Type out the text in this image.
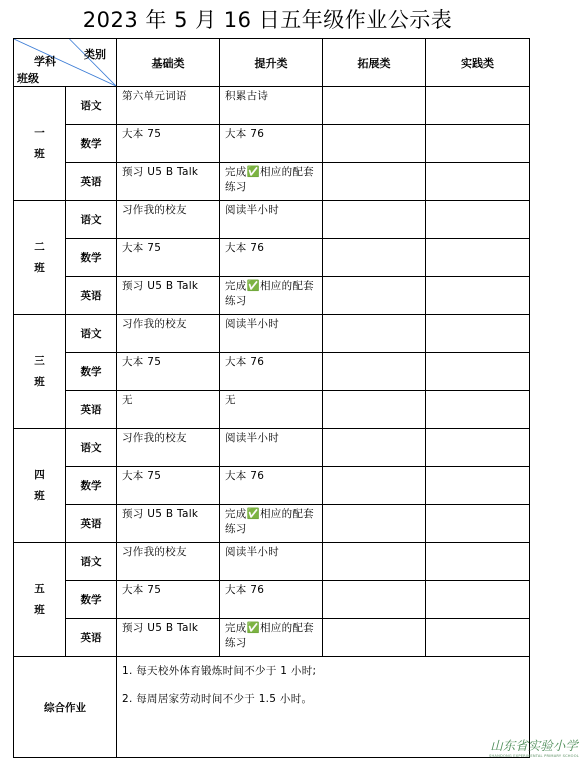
2023 年 5 月 16 日五年级作业公示表
类别
学科
班级		基础类	提升类	拓展类	实践类
一
班	语文	第六单元词语	积累古诗		
	数学	大本 75	大本 76		
	英语	预习 U5 B Talk	完成✅相应的配套练习		
二
班	语文	习作我的校友	阅读半小时		
	数学	大本 75	大本 76		
	英语	预习 U5 B Talk	完成✅相应的配套练习		
三
班	语文	习作我的校友	阅读半小时		
	数学	大本 75	大本 76		
	英语	无	无		
四
班	语文	习作我的校友	阅读半小时		
	数学	大本 75	大本 76		
	英语	预习 U5 B Talk	完成✅相应的配套练习		
五
班	语文	习作我的校友	阅读半小时		
	数学	大本 75	大本 76		
	英语	预习 U5 B Talk	完成✅相应的配套练习		
综合作业		1. 每天校外体育锻炼时间不少于 1 小时;
2. 每周居家劳动时间不少于 1.5 小时。			
山东省实验小学
SHANDONG EXPERIMENTAL PRIMARY SCHOOL
